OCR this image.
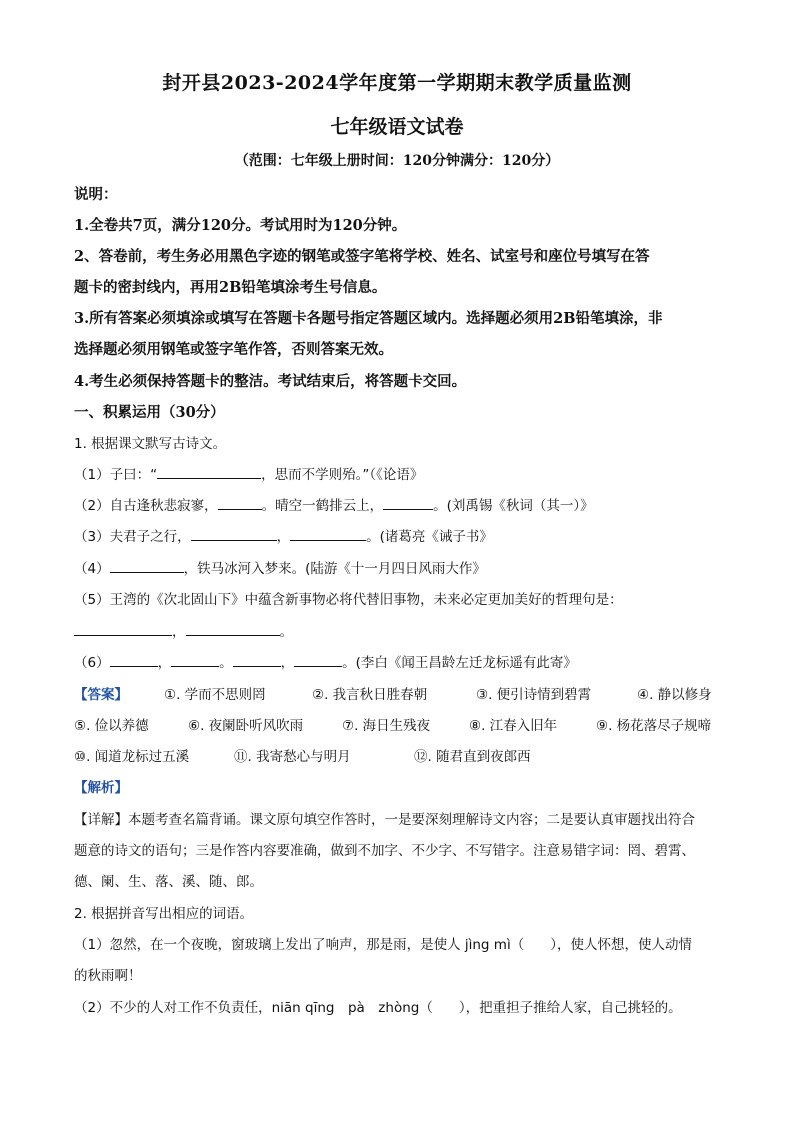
封开县2023-2024学年度第一学期期末教学质量监测
七年级语文试卷
（范围：七年级上册时间：120分钟满分：120分）
说明：
1.全卷共7页，满分120分。考试用时为120分钟。
2、答卷前，考生务必用黑色字迹的钢笔或签字笔将学校、姓名、试室号和座位号填写在答
题卡的密封线内，再用2B铅笔填涂考生号信息。
3.所有答案必须填涂或填写在答题卡各题号指定答题区域内。选择题必须用2B铅笔填涂，非
选择题必须用钢笔或签字笔作答，否则答案无效。
4.考生必须保持答题卡的整洁。考试结束后，将答题卡交回。
一、积累运用（30分）
1. 根据课文默写古诗文。
（1）子曰：“	，思而不学则殆。”（《论语》
（2）自古逢秋悲寂寥，	。晴空一鹤排云上，	。(刘禹锡《秋词（其一）》
（3）夫君子之行，	，	。(诸葛亮《诫子书》
（4）	，铁马冰河入梦来。(陆游《十一月四日风雨大作》
（5）王湾的《次北固山下》中蕴含新事物必将代替旧事物，未来必定更加美好的哲理句是：
，	。
（6）	，	。	，	。(李白《闻王昌龄左迁龙标遥有此寄》
【答案】	①. 学而不思则罔	②. 我言秋日胜春朝	③. 便引诗情到碧霄	④. 静以修身
⑤. 俭以养德	⑥. 夜阑卧听风吹雨	⑦. 海日生残夜	⑧. 江春入旧年	⑨. 杨花落尽子规啼
⑩. 闻道龙标过五溪	⑪. 我寄愁心与明月	⑫. 随君直到夜郎西
【解析】
【详解】本题考查名篇背诵。课文原句填空作答时，一是要深刻理解诗文内容；二是要认真审题找出符合
题意的诗文的语句；三是作答内容要准确，做到不加字、不少字、不写错字。注意易错字词：罔、碧霄、
德、阑、生、落、溪、随、郎。
2. 根据拼音写出相应的词语。
（1）忽然，在一个夜晚，窗玻璃上发出了响声，那是雨，是使人 jìng mì（ ），使人怀想，使人动情
的秋雨啊！
（2）不少的人对工作不负责任，niān qīng　pà　zhòng（ ），把重担子推给人家，自己挑轻的。
